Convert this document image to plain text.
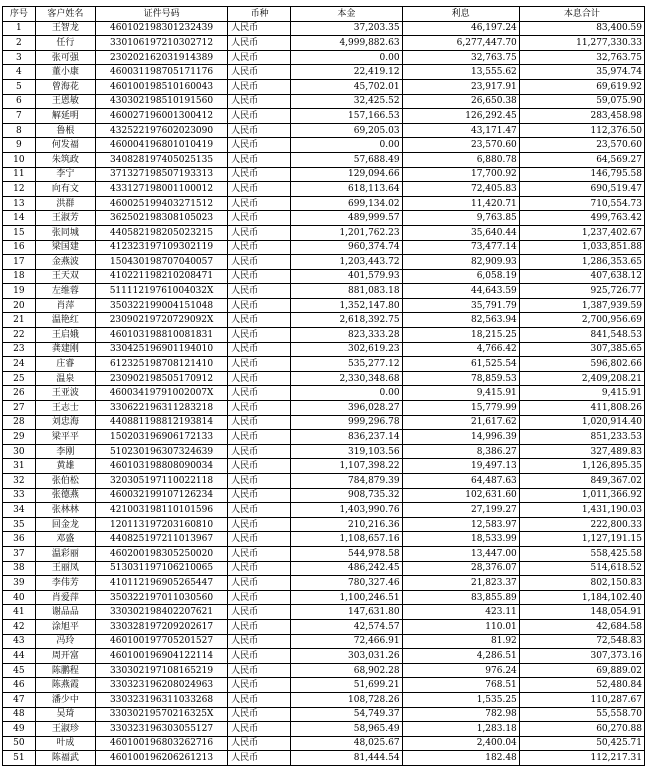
序号	客户姓名	证件号码	币种	本金	利息	本息合计
1	王智龙	460102198301232439	人民币	37,203.35	46,197.24	83,400.59
2	任行	330106197210302712	人民币	4,999,882.63	6,277,447.70	11,277,330.33
3	张可强	230202162031914389	人民币	0.00	32,763.75	32,763.75
4	董小康	460031198705171176	人民币	22,419.12	13,555.62	35,974.74
5	曾海花	460100198510160043	人民币	45,702.01	23,917.91	69,619.92
6	王恩敏	430302198510191560	人民币	32,425.52	26,650.38	59,075.90
7	解延明	460027196001300412	人民币	157,166.53	126,292.45	283,458.98
8	鲁根	432522197602023090	人民币	69,205.03	43,171.47	112,376.50
9	何发福	460004196801010419	人民币	0.00	23,570.60	23,570.60
10	朱筑政	340828197405025135	人民币	57,688.49	6,880.78	64,569.27
11	李宁	371327198507193313	人民币	129,094.66	17,700.92	146,795.58
12	向有文	433127198001100012	人民币	618,113.64	72,405.83	690,519.47
13	洪群	460025199403271512	人民币	699,134.02	11,420.71	710,554.73
14	王淑芳	362502198308105023	人民币	489,999.57	9,763.85	499,763.42
15	张同城	440582198205023215	人民币	1,201,762.23	35,640.44	1,237,402.67
16	梁国建	412323197109302119	人民币	960,374.74	73,477.14	1,033,851.88
17	金燕波	150430198707040057	人民币	1,203,443.72	82,909.93	1,286,353.65
18	王天双	410221198210208471	人民币	401,579.93	6,058.19	407,638.12
19	左维蓉	51111219761004032X	人民币	881,083.18	44,643.59	925,726.77
20	肖萍	350322199004151048	人民币	1,352,147.80	35,791.79	1,387,939.59
21	温艳红	23090219720729092X	人民币	2,618,392.75	82,563.94	2,700,956.69
22	王启娥	460103198810081831	人民币	823,333.28	18,215.25	841,548.53
23	龚建刚	330425196901194010	人民币	302,619.23	4,766.42	307,385.65
24	庄睿	612325198708121410	人民币	535,277.12	61,525.54	596,802.66
25	温泉	230902198505170912	人民币	2,330,348.68	78,859.53	2,409,208.21
26	王亚波	46003419791002007X	人民币	0.00	9,415.91	9,415.91
27	王志士	330622196311283218	人民币	396,028.27	15,779.99	411,808.26
28	刘忠海	440881198812193814	人民币	999,296.78	21,617.62	1,020,914.40
29	梁平平	150203196906172133	人民币	836,237.14	14,996.39	851,233.53
30	李刚	510230196307324639	人民币	319,103.56	8,386.27	327,489.83
31	黄雄	460103198808090034	人民币	1,107,398.22	19,497.13	1,126,895.35
32	张伯松	320305197110022118	人民币	784,879.39	64,487.63	849,367.02
33	张德燕	460032199107126234	人民币	908,735.32	102,631.60	1,011,366.92
34	张林林	421003198110101596	人民币	1,403,990.76	27,199.27	1,431,190.03
35	回金龙	120113197203160810	人民币	210,216.36	12,583.97	222,800.33
36	邓盛	440825197211013967	人民币	1,108,657.16	18,533.99	1,127,191.15
37	温彩丽	460200198305250020	人民币	544,978.58	13,447.00	558,425.58
38	王丽凤	513031197106210065	人民币	486,242.45	28,376.07	514,618.52
39	李伟芳	410112196905265447	人民币	780,327.46	21,823.37	802,150.83
40	肖爱萍	350322197011030560	人民币	1,100,246.51	83,855.89	1,184,102.40
41	谢品品	330302198402207621	人民币	147,631.80	423.11	148,054.91
42	涂旭平	330328197209202617	人民币	42,574.57	110.01	42,684.58
43	冯玲	460100197705201527	人民币	72,466.91	81.92	72,548.83
44	周开富	460100196904122114	人民币	303,031.26	4,286.51	307,373.16
45	陈鹏程	330302197108165219	人民币	68,902.28	976.24	69,889.02
46	陈燕霞	330323196208024963	人民币	51,699.21	768.51	52,480.84
47	潘少中	330323196311033268	人民币	108,728.26	1,535.25	110,287.67
48	吴琦	33030219570216325X	人民币	54,749.37	782.98	55,558.70
49	王淑珍	330323196303055127	人民币	58,965.49	1,283.18	60,270.88
50	叶成	460100196803262716	人民币	48,025.67	2,400.04	50,425.71
51	陈福武	460100196206261213	人民币	81,444.54	182.48	112,217.31
